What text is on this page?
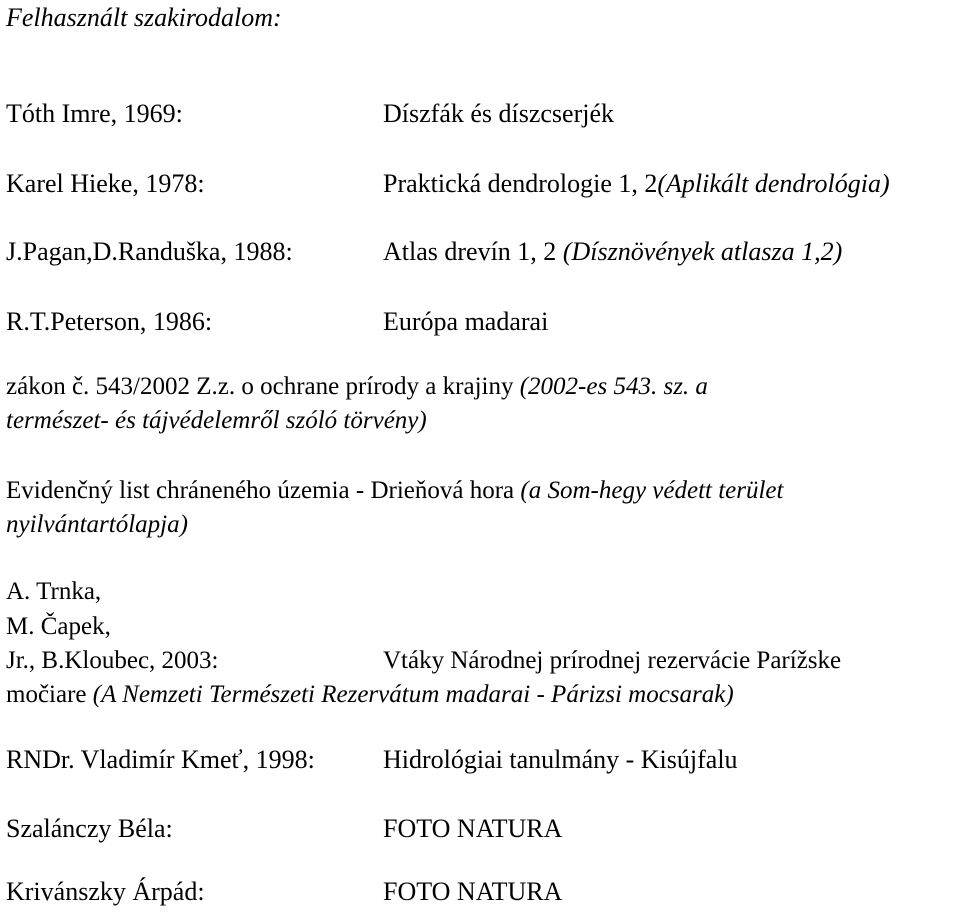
Felhasznált szakirodalom:
Tóth Imre, 1969:	Díszfák és díszcserjék
Karel Hieke, 1978:	Praktická dendrologie 1, 2(Aplikált dendrológia)
J.Pagan,D.Randuška, 1988:	Atlas drevín 1, 2 (Dísznövények atlasza 1,2)
R.T.Peterson, 1986:	Európa madarai
zákon č. 543/2002 Z.z. o ochrane prírody a krajiny (2002-es 543. sz. a
természet- és tájvédelemről szóló törvény)
Evidenčný list chráneného územia - Drieňová hora (a Som-hegy védett terület
nyilvántartólapja)
A. Trnka,
M. Čapek,
Jr., B.Kloubec, 2003:	Vtáky Národnej prírodnej rezervácie Parížske
močiare (A Nemzeti Természeti Rezervátum madarai - Párizsi mocsarak)
RNDr. Vladimír Kmeť, 1998:	Hidrológiai tanulmány - Kisújfalu
Szalánczy Béla:	FOTO NATURA
Krivánszky Árpád:	FOTO NATURA
